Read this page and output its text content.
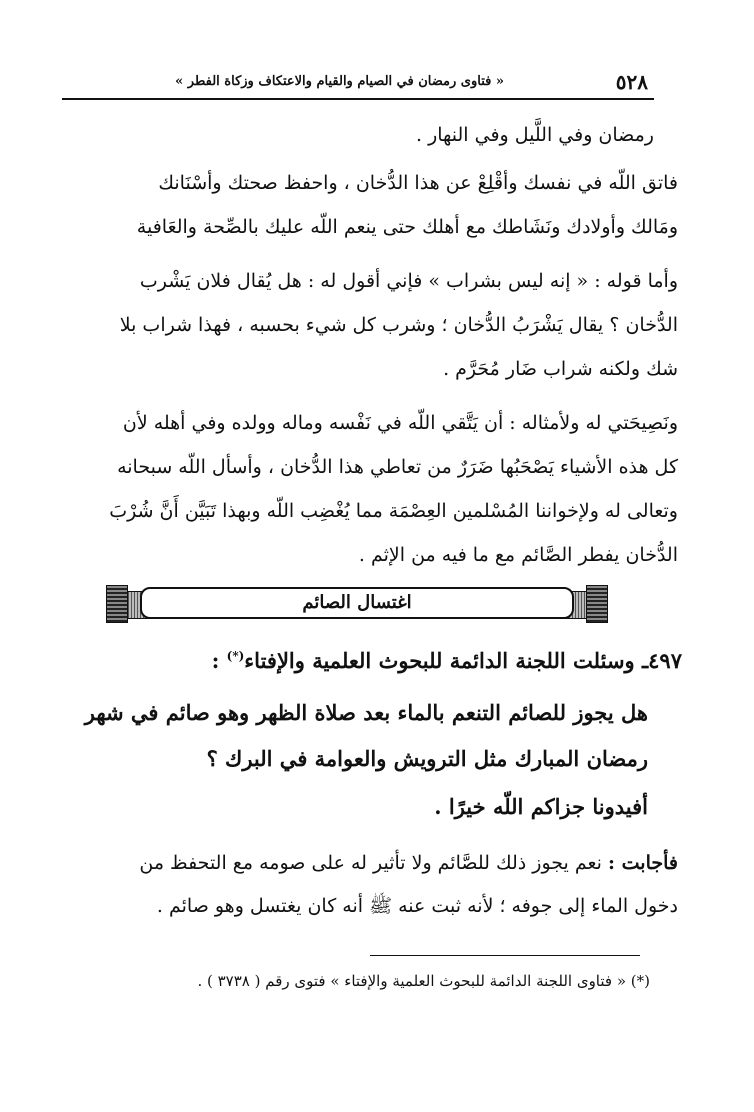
٥٢٨
« فتاوى رمضان في الصيام والقيام والاعتكاف وزكاة الفطر »
رمضان وفي اللَّيل وفي النهار .
فاتق اللّه في نفسك وأقْلِعْ عن هذا الدُّخان ، واحفظ صحتك وأسْنَانك
ومَالك وأولادك ونَشَاطك مع أهلك حتى ينعم اللّه عليك بالصِّحة والعَافية
وأما قوله : « إنه ليس بشراب » فإني أقول له : هل يُقال فلان يَشْرب
الدُّخان ؟ يقال يَشْرَبُ الدُّخان ؛ وشرب كل شيء بحسبه ، فهذا شراب بلا
شك ولكنه شراب ضَار مُحَرَّم .
ونَصِيحَتي له ولأمثاله : أن يَتَّقي اللّه في نَفْسه وماله وولده وفي أهله لأن
كل هذه الأشياء يَصْحَبُها ضَرَرٌ من تعاطي هذا الدُّخان ، وأسأل اللّه سبحانه
وتعالى له ولإخواننا المُسْلمين العِصْمَة مما يُغْضِب اللّه وبهذا تَبَيَّن أَنَّ شُرْبَ
الدُّخان يفطر الصَّائم مع ما فيه من الإثم .
اغتسال الصائم
٤٩٧ـ وسئلت اللجنة الدائمة للبحوث العلمية والإفتاء(*) :
هل يجوز للصائم التنعم بالماء بعد صلاة الظهر وهو صائم في شهر
رمضان المبارك مثل الترويش والعوامة في البرك ؟
أفيدونا جزاكم اللّه خيرًا .
فأجابت : نعم يجوز ذلك للصَّائم ولا تأثير له على صومه مع التحفظ من
دخول الماء إلى جوفه ؛ لأنه ثبت عنه ﷺ أنه كان يغتسل وهو صائم .
(*) « فتاوى اللجنة الدائمة للبحوث العلمية والإفتاء » فتوى رقم ( ٣٧٣٨ ) .
